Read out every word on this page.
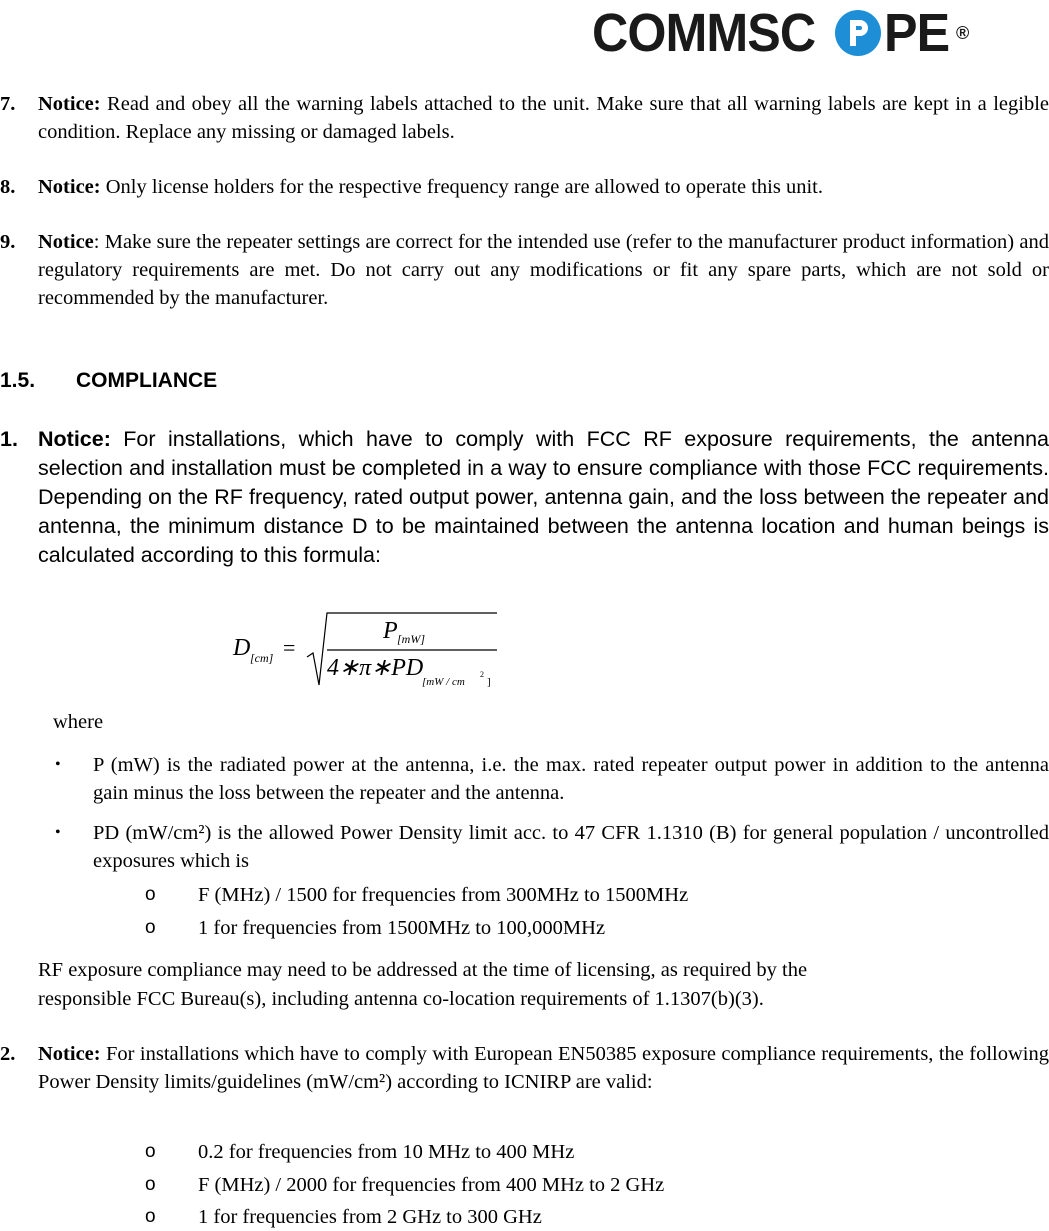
COMMSC PE ®
7. Notice: Read and obey all the warning labels attached to the unit. Make sure that all warning labels are kept in a legible condition. Replace any missing or damaged labels.
8. Notice: Only license holders for the respective frequency range are allowed to operate this unit.
9. Notice: Make sure the repeater settings are correct for the intended use (refer to the manufacturer product information) and regulatory requirements are met. Do not carry out any modifications or fit any spare parts, which are not sold or recommended by the manufacturer.
1.5. COMPLIANCE
1. Notice: For installations, which have to comply with FCC RF exposure requirements, the antenna selection and installation must be completed in a way to ensure compliance with those FCC requirements. Depending on the RF frequency, rated output power, antenna gain, and the loss between the repeater and antenna, the minimum distance D to be maintained between the antenna location and human beings is calculated according to this formula:
D [cm] =
P [mW]
4∗π∗PD
[mW / cm
2
]
where
• P (mW) is the radiated power at the antenna, i.e. the max. rated repeater output power in addition to the antenna gain minus the loss between the repeater and the antenna.
• PD (mW/cm²) is the allowed Power Density limit acc. to 47 CFR 1.1310 (B) for general population / uncontrolled exposures which is
o F (MHz) / 1500 for frequencies from 300MHz to 1500MHz
o 1 for frequencies from 1500MHz to 100,000MHz
RF exposure compliance may need to be addressed at the time of licensing, as required by the
responsible FCC Bureau(s), including antenna co-location requirements of 1.1307(b)(3).
2. Notice: For installations which have to comply with European EN50385 exposure compliance requirements, the following Power Density limits/guidelines (mW/cm²) according to ICNIRP are valid:
o 0.2 for frequencies from 10 MHz to 400 MHz
o F (MHz) / 2000 for frequencies from 400 MHz to 2 GHz
o 1 for frequencies from 2 GHz to 300 GHz
